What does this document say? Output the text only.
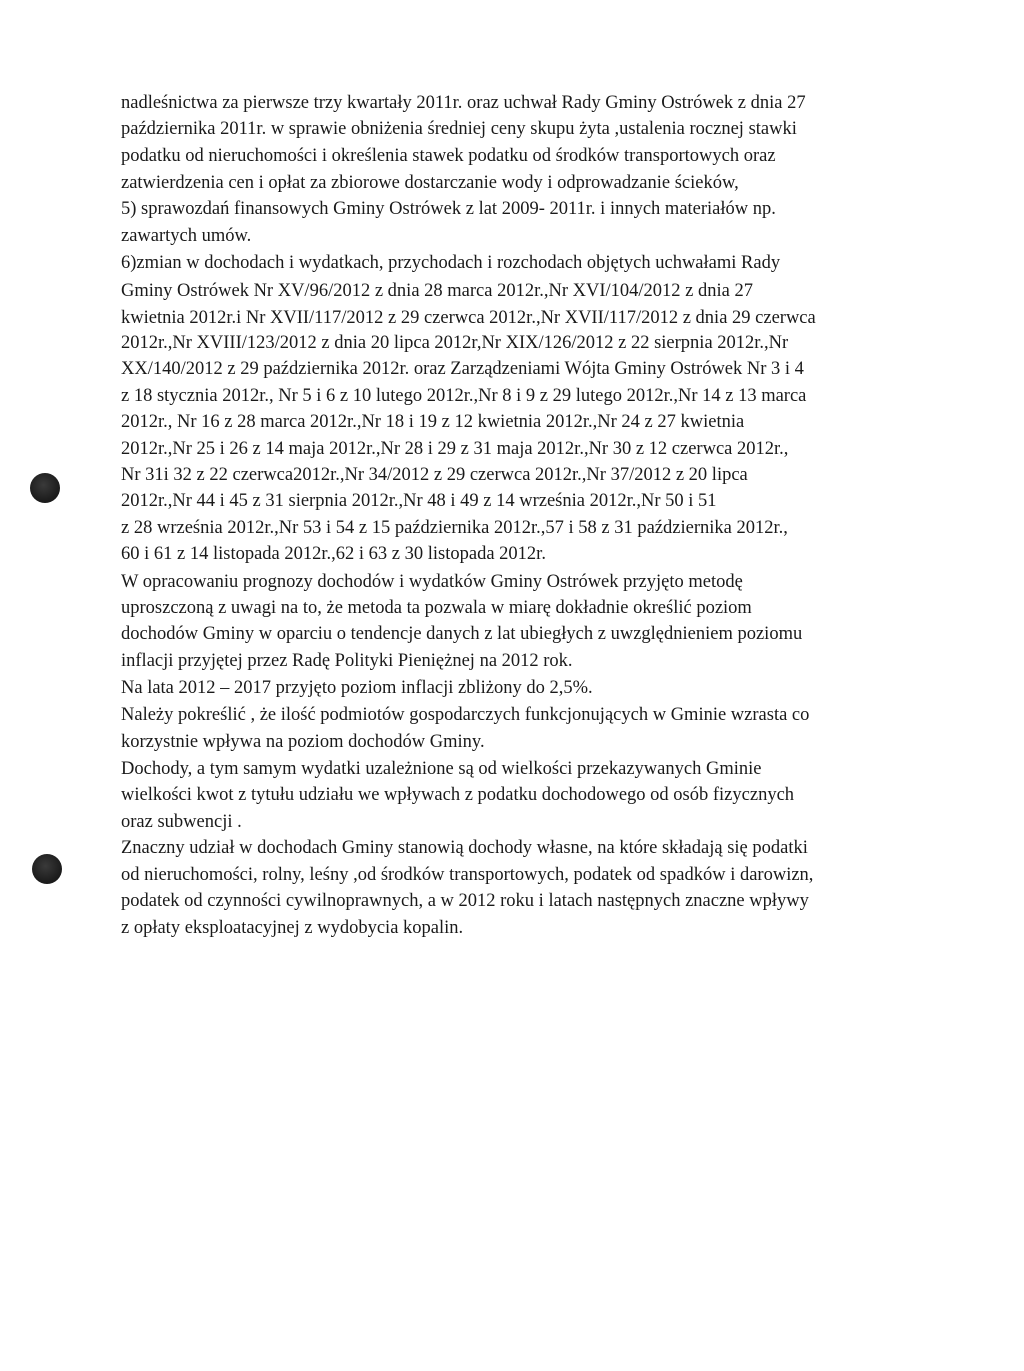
nadleśnictwa za pierwsze trzy kwartały 2011r. oraz uchwał Rady Gminy Ostrówek z dnia 27
października 2011r. w sprawie obniżenia średniej ceny skupu żyta ,ustalenia rocznej stawki
podatku od nieruchomości i określenia stawek podatku od środków transportowych oraz
zatwierdzenia cen i opłat za zbiorowe dostarczanie wody i odprowadzanie ścieków,
5) sprawozdań finansowych Gminy Ostrówek z lat 2009- 2011r. i innych materiałów np.
zawartych umów.
6)zmian w dochodach i wydatkach, przychodach i rozchodach objętych uchwałami Rady
Gminy Ostrówek Nr XV/96/2012 z dnia 28 marca 2012r.,Nr XVI/104/2012 z dnia 27
kwietnia 2012r.i Nr XVII/117/2012 z 29 czerwca 2012r.,Nr XVII/117/2012 z dnia 29 czerwca
2012r.,Nr XVIII/123/2012 z dnia 20 lipca 2012r,Nr XIX/126/2012 z 22 sierpnia 2012r.,Nr
XX/140/2012 z 29 października 2012r. oraz Zarządzeniami Wójta Gminy Ostrówek Nr 3 i 4
z 18 stycznia 2012r., Nr 5 i 6 z 10 lutego 2012r.,Nr 8 i 9 z 29 lutego 2012r.,Nr 14 z 13 marca
2012r., Nr 16 z 28 marca 2012r.,Nr 18 i 19 z 12 kwietnia 2012r.,Nr 24 z 27 kwietnia
2012r.,Nr 25 i 26 z 14 maja 2012r.,Nr 28 i 29 z 31 maja 2012r.,Nr 30 z 12 czerwca 2012r.,
Nr 31i 32 z 22 czerwca2012r.,Nr 34/2012 z 29 czerwca 2012r.,Nr 37/2012 z 20 lipca
2012r.,Nr 44 i 45 z 31 sierpnia 2012r.,Nr 48 i 49 z 14 września 2012r.,Nr 50 i 51
z 28 września 2012r.,Nr 53 i 54 z 15 października 2012r.,57 i 58 z 31 października 2012r.,
60 i 61 z 14 listopada 2012r.,62 i 63 z 30 listopada 2012r.
W opracowaniu prognozy dochodów i wydatków Gminy Ostrówek przyjęto metodę
uproszczoną z uwagi na to, że metoda ta pozwala w miarę dokładnie określić poziom
dochodów Gminy w oparciu o tendencje danych z lat ubiegłych z uwzględnieniem poziomu
inflacji przyjętej przez Radę Polityki Pieniężnej na 2012 rok.
Na lata 2012 – 2017 przyjęto poziom inflacji zbliżony do 2,5%.
Należy pokreślić , że ilość podmiotów gospodarczych funkcjonujących w Gminie wzrasta co
korzystnie wpływa na poziom dochodów Gminy.
Dochody, a tym samym wydatki uzależnione są od wielkości przekazywanych Gminie
wielkości kwot z tytułu udziału we wpływach z podatku dochodowego od osób fizycznych
oraz subwencji .
Znaczny udział w dochodach Gminy stanowią dochody własne, na które składają się podatki
od nieruchomości, rolny, leśny ,od środków transportowych, podatek od spadków i darowizn,
podatek od czynności cywilnoprawnych, a w 2012 roku i latach następnych znaczne wpływy
z opłaty eksploatacyjnej z wydobycia kopalin.
